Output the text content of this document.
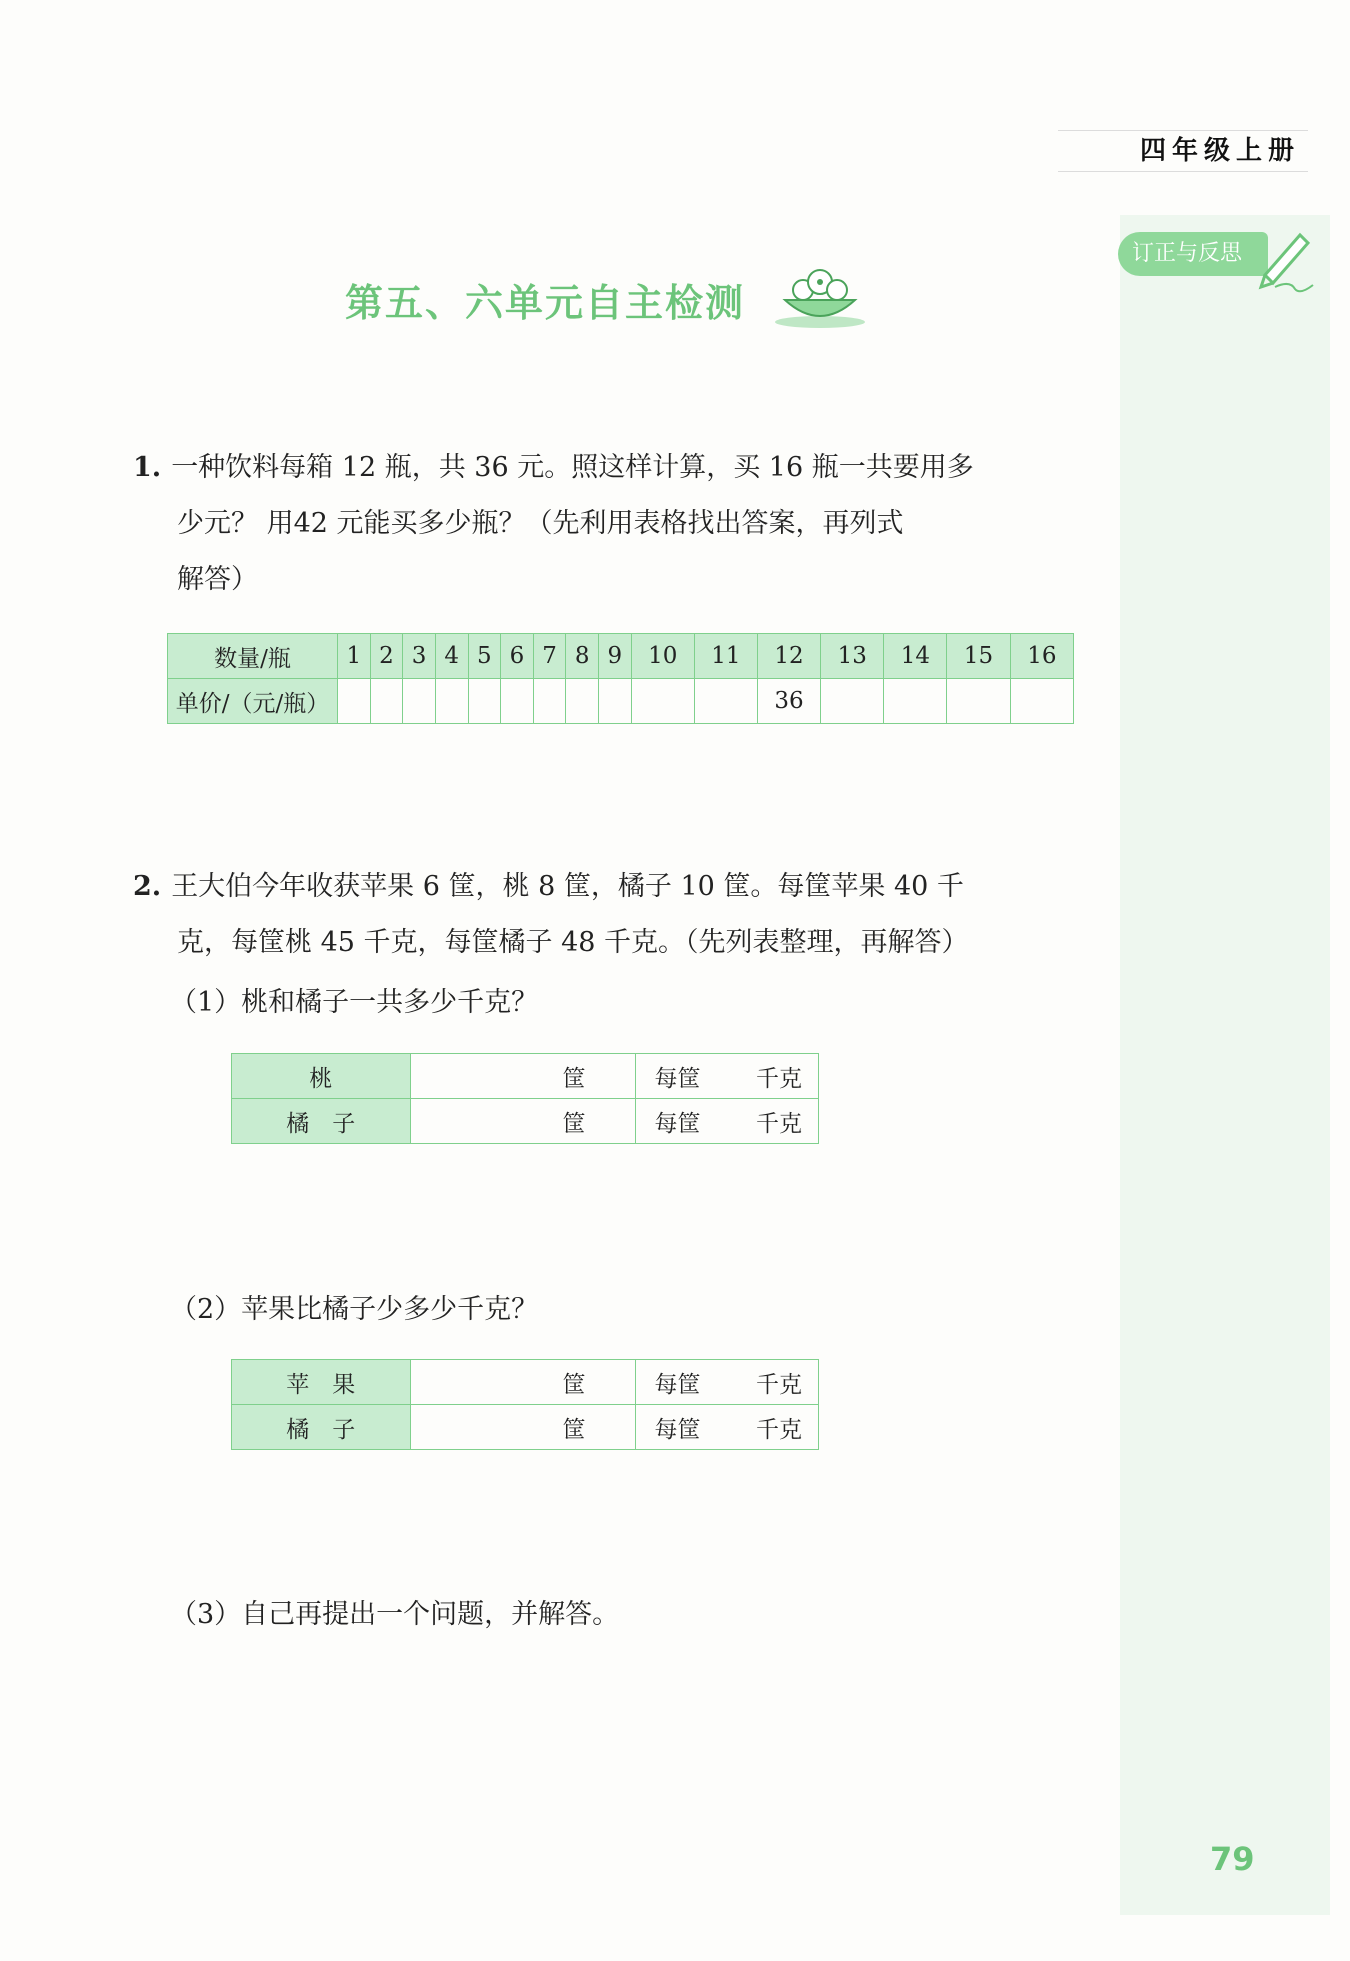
四年级上册
订正与反思
第五、六单元自主检测
1. 一种饮料每箱 12 瓶，共 36 元。照这样计算，买 16 瓶一共要用多
少元？ 用42 元能买多少瓶？（先利用表格找出答案，再列式
解答）
数量/瓶	1	2	3	4	5	6	7	8	9	10	11	12	13	14	15	16
单价/（元/瓶）												36				
2. 王大伯今年收获苹果 6 筐，桃 8 筐，橘子 10 筐。每筐苹果 40 千
克，每筐桃 45 千克，每筐橘子 48 千克。（先列表整理，再解答）
（1）桃和橘子一共多少千克？
桃	筐	每筐 千克

橘　子	筐	每筐 千克
（2）苹果比橘子少多少千克？
苹　果	筐	每筐 千克

橘　子	筐	每筐 千克
（3）自己再提出一个问题，并解答。
79
